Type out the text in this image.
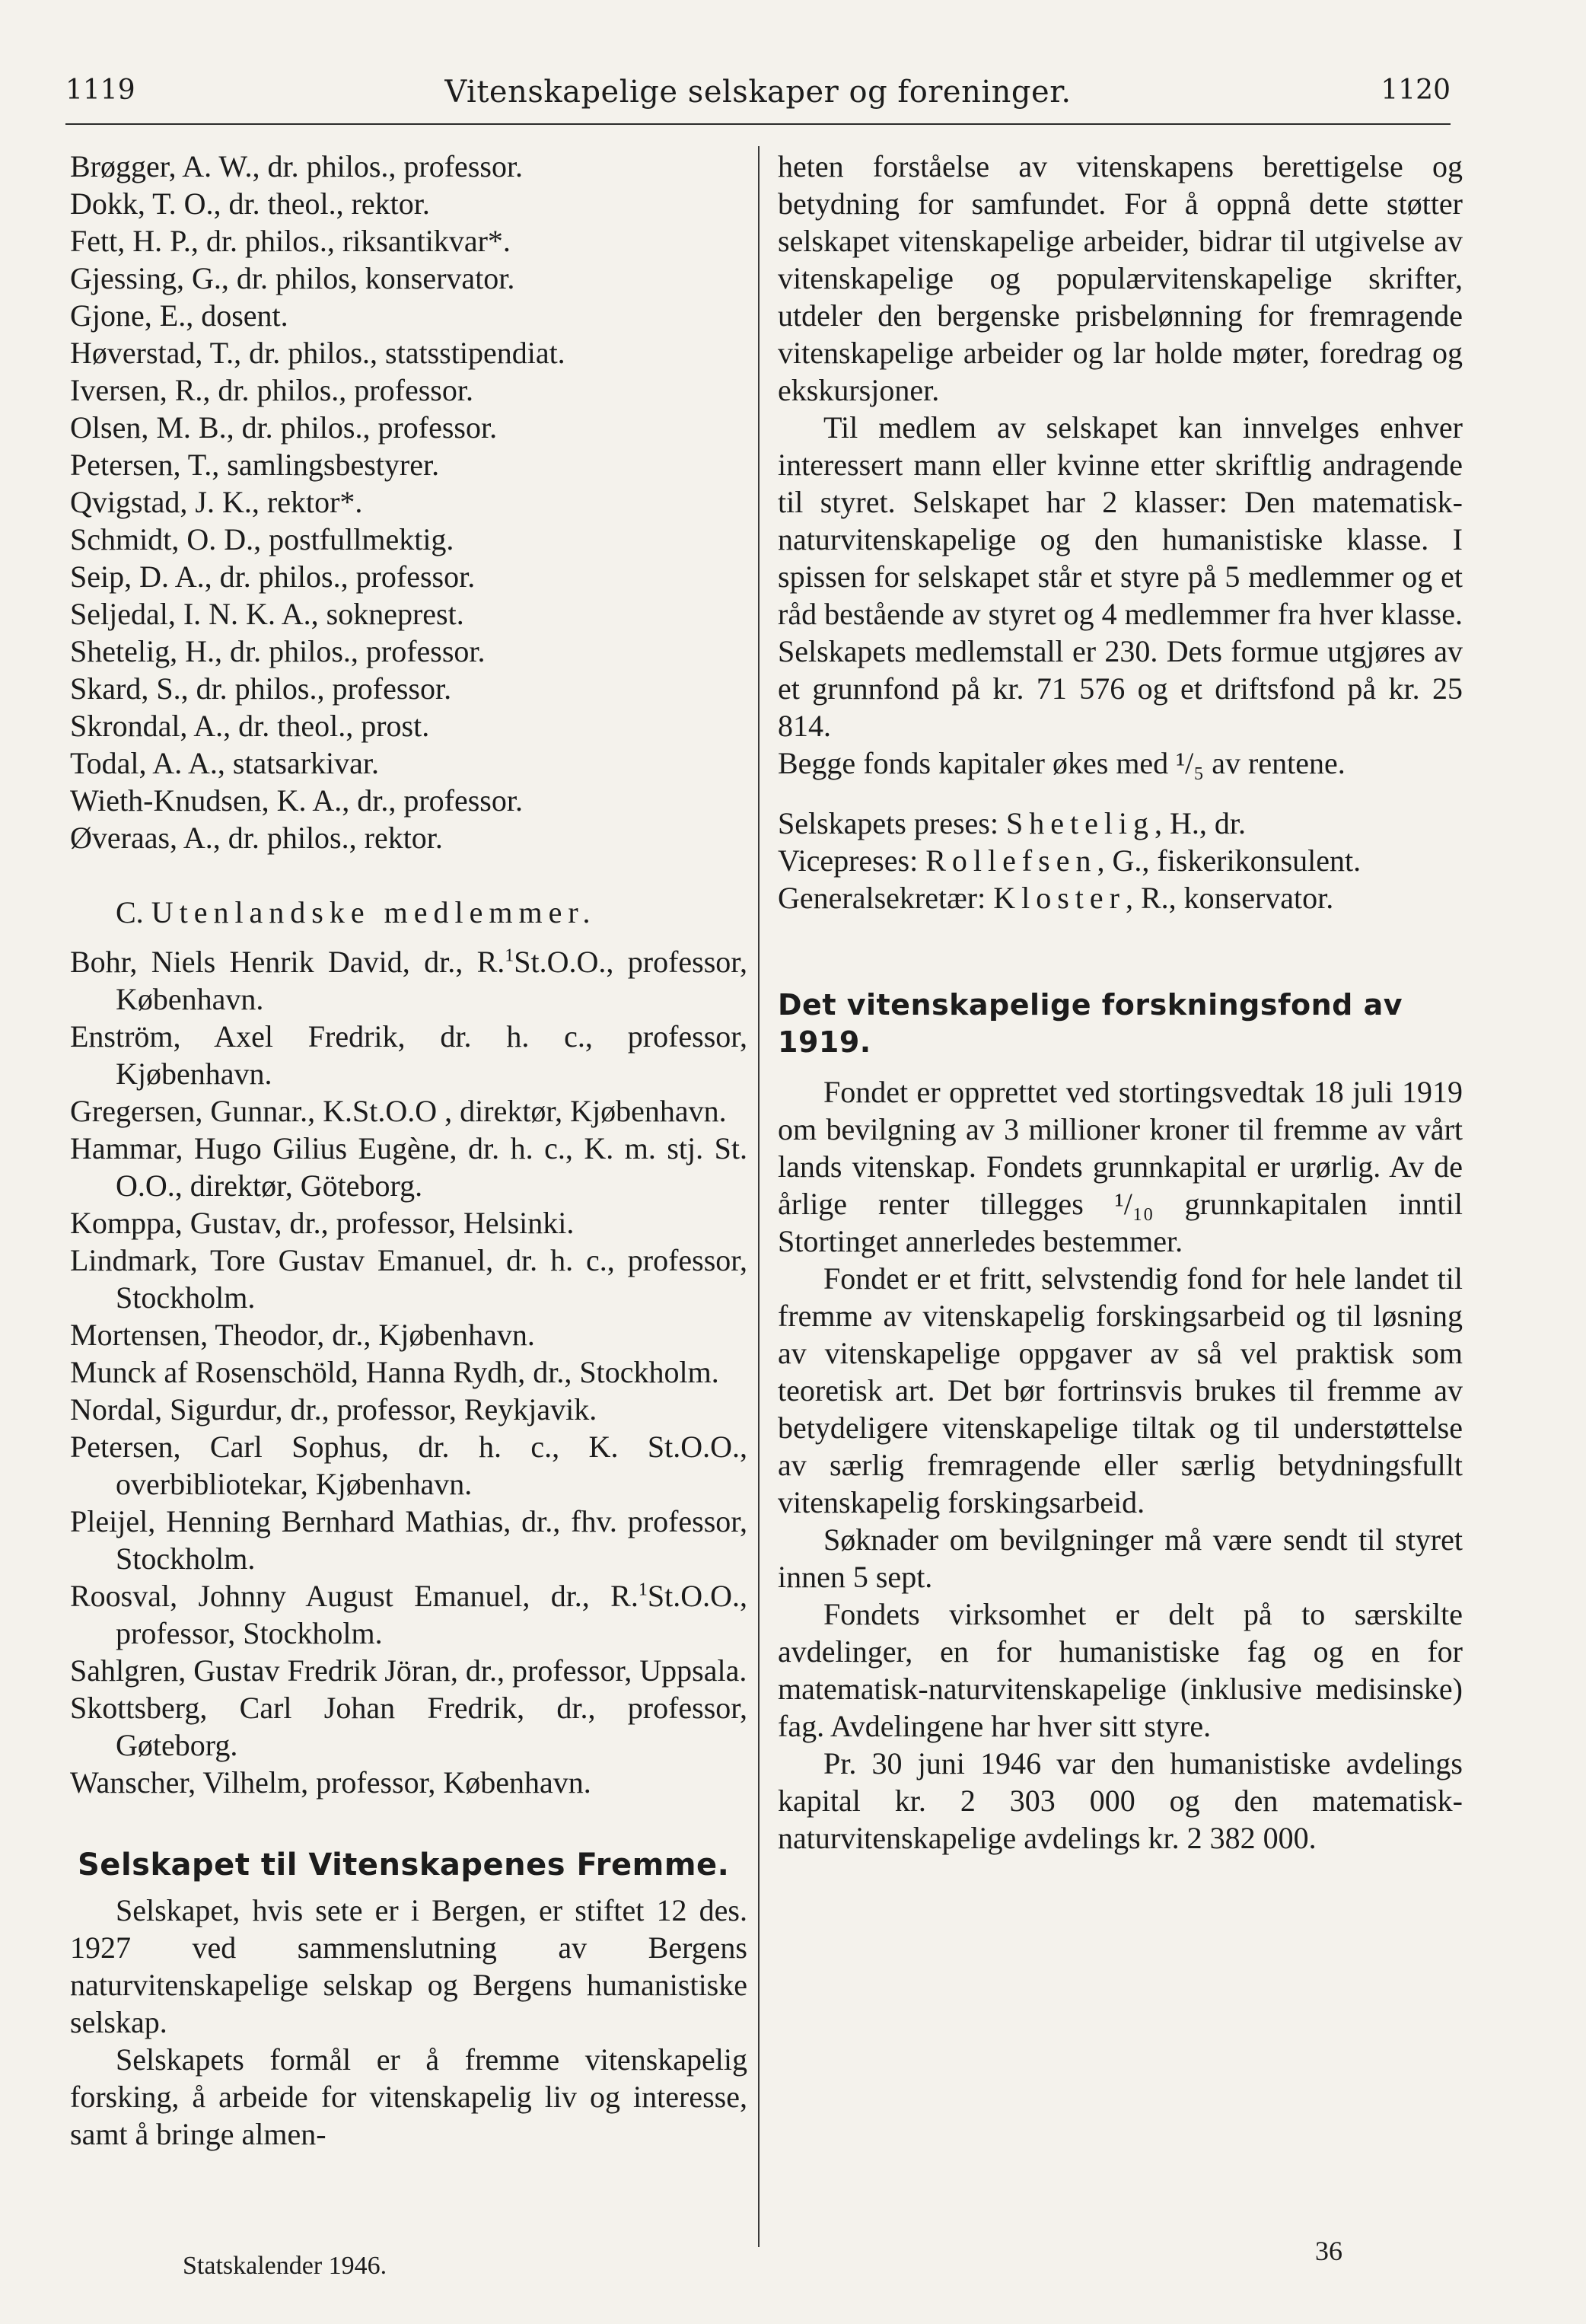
1119	Vitenskapelige selskaper og foreninger.	1120
Brøgger, A. W., dr. philos., professor.
Dokk, T. O., dr. theol., rektor.
Fett, H. P., dr. philos., riksantikvar*.
Gjessing, G., dr. philos, konservator.
Gjone, E., dosent.
Høverstad, T., dr. philos., statsstipendiat.
Iversen, R., dr. philos., professor.
Olsen, M. B., dr. philos., professor.
Petersen, T., samlingsbestyrer.
Qvigstad, J. K., rektor*.
Schmidt, O. D., postfullmektig.
Seip, D. A., dr. philos., professor.
Seljedal, I. N. K. A., sokneprest.
Shetelig, H., dr. philos., professor.
Skard, S., dr. philos., professor.
Skrondal, A., dr. theol., prost.
Todal, A. A., statsarkivar.
Wieth-Knudsen, K. A., dr., professor.
Øveraas, A., dr. philos., rektor.
C. Utenlandske medlemmer.
Bohr, Niels Henrik David, dr., R.$^1$St.O.O., professor, København.
Enström, Axel Fredrik, dr. h. c., professor, Kjøbenhavn.
Gregersen, Gunnar., K.St.O.O , direktør, Kjøbenhavn.
Hammar, Hugo Gilius Eugène, dr. h. c., K. m. stj. St. O.O., direktør, Göteborg.
Komppa, Gustav, dr., professor, Helsinki.
Lindmark, Tore Gustav Emanuel, dr. h. c., professor, Stockholm.
Mortensen, Theodor, dr., Kjøbenhavn.
Munck af Rosenschöld, Hanna Rydh, dr., Stockholm.
Nordal, Sigurdur, dr., professor, Reykjavik.
Petersen, Carl Sophus, dr. h. c., K. St.O.O., overbibliotekar, Kjøbenhavn.
Pleijel, Henning Bernhard Mathias, dr., fhv. professor, Stockholm.
Roosval, Johnny August Emanuel, dr., R.$^1$St.O.O., professor, Stockholm.
Sahlgren, Gustav Fredrik Jöran, dr., professor, Uppsala.
Skottsberg, Carl Johan Fredrik, dr., professor, Gøteborg.
Wanscher, Vilhelm, professor, København.
Selskapet til Vitenskapenes Fremme.
Selskapet, hvis sete er i Bergen, er stiftet 12 des. 1927 ved sammenslutning av Bergens naturvitenskapelige selskap og Bergens humanistiske selskap.
Selskapets formål er å fremme vitenskapelig forsking, å arbeide for vitenskapelig liv og interesse, samt å bringe almen-
heten forståelse av vitenskapens berettigelse og betydning for samfundet. For å oppnå dette støtter selskapet vitenskapelige arbeider, bidrar til utgivelse av vitenskapelige og populærvitenskapelige skrifter, utdeler den bergenske prisbelønning for fremragende vitenskapelige arbeider og lar holde møter, foredrag og ekskursjoner.
Til medlem av selskapet kan innvelges enhver interessert mann eller kvinne etter skriftlig andragende til styret. Selskapet har 2 klasser: Den matematisk-naturvitenskapelige og den humanistiske klasse. I spissen for selskapet står et styre på 5 medlemmer og et råd bestående av styret og 4 medlemmer fra hver klasse. Selskapets medlemstall er 230. Dets formue utgjøres av et grunnfond på kr. 71 576 og et driftsfond på kr. 25 814.
Begge fonds kapitaler økes med ¹/₅ av rentene.
Selskapets preses: Shetelig, H., dr.
Vicepreses: Rollefsen, G., fiskerikonsulent.
Generalsekretær: Kloster, R., konservator.
Det vitenskapelige forskningsfond av 1919.
Fondet er opprettet ved stortingsvedtak 18 juli 1919 om bevilgning av 3 millioner kroner til fremme av vårt lands vitenskap. Fondets grunnkapital er urørlig. Av de årlige renter tillegges ¹/₁₀ grunnkapitalen inntil Stortinget annerledes bestemmer.
Fondet er et fritt, selvstendig fond for hele landet til fremme av vitenskapelig forskingsarbeid og til løsning av vitenskapelige oppgaver av så vel praktisk som teoretisk art. Det bør fortrinsvis brukes til fremme av betydeligere vitenskapelige tiltak og til understøttelse av særlig fremragende eller særlig betydningsfullt vitenskapelig forskingsarbeid.
Søknader om bevilgninger må være sendt til styret innen 5 sept.
Fondets virksomhet er delt på to særskilte avdelinger, en for humanistiske fag og en for matematisk-naturvitenskapelige (inklusive medisinske) fag. Avdelingene har hver sitt styre.
Pr. 30 juni 1946 var den humanistiske avdelings kapital kr. 2 303 000 og den matematisk-naturvitenskapelige avdelings kr. 2 382 000.
Statskalender 1946.	36
